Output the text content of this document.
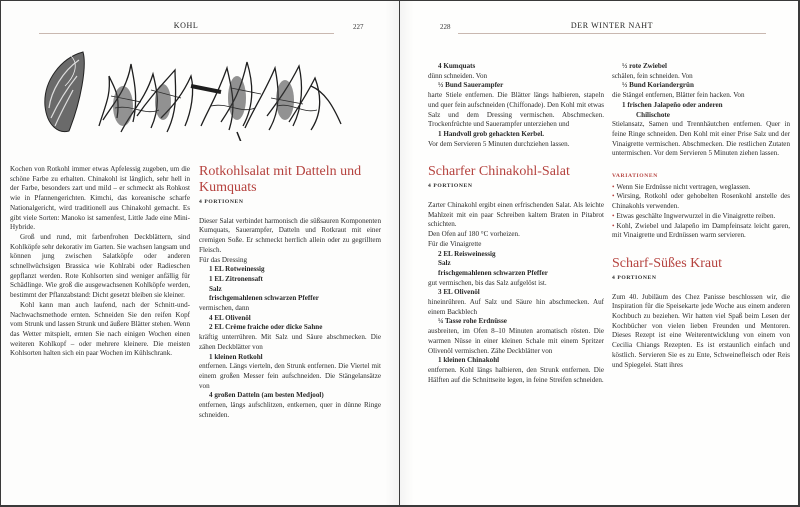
KOHL	227

Kochen von Rotkohl immer etwas Apfelessig zugeben, um die schöne Farbe zu erhalten. Chinakohl ist länglich, sehr hell in der Farbe, besonders zart und mild – er schmeckt als Rohkost wie in Pfannengerichten. Kimchi, das koreanische scharfe Nationalgericht, wird traditionell aus Chinakohl gemacht. Es gibt viele Sorten: Manoko ist samenfest, Little Jade eine Mini-Hybride.

Groß und rund, mit farbenfrohen Deckblättern, sind Kohlköpfe sehr dekorativ im Garten. Sie wachsen langsam und können jung zwischen Salatköpfe oder anderen schnellwüchsigen Brassica wie Kohlrabi oder Radieschen gepflanzt werden. Rote Kohlsorten sind weniger anfällig für Schädlinge. Wie groß die ausgewachsenen Kohlköpfe werden, bestimmt der Pflanzabstand: Dicht gesetzt bleiben sie kleiner.

Kohl kann man auch laufend, nach der Schnitt-und-Nachwachsmethode ernten. Schneiden Sie den reifen Kopf vom Strunk und lassen Strunk und äußere Blätter stehen. Wenn das Wetter mitspielt, ernten Sie nach einigen Wochen einen weiteren Kohlkopf – oder mehrere kleinere. Die meisten Kohlsorten halten sich ein paar Wochen im Kühlschrank.

Rotkohlsalat mit Datteln und Kumquats
4 PORTIONEN

Dieser Salat verbindet harmonisch die süßsauren Komponenten Kumquats, Sauerampfer, Datteln und Rotkraut mit einer cremigen Soße. Er schmeckt herrlich allein oder zu gegrilltem Fleisch.

Für das Dressing

1 EL Rotweinessig

1 EL Zitronensaft

Salz

frischgemahlenen schwarzen Pfeffer

vermischen, dann

4 EL Olivenöl

2 EL Crème fraiche oder dicke Sahne

kräftig unterrühren. Mit Salz und Säure abschmecken. Die zähen Deckblätter von

1 kleinen Rotkohl

entfernen. Längs vierteln, den Strunk entfernen. Die Viertel mit einem großen Messer fein aufschneiden. Die Stängelansätze von

4 großen Datteln (am besten Medjool)

entfernen, längs aufschlitzen, entkernen, quer in dünne Ringe schneiden.

228	DER WINTER NAHT

4 Kumquats

dünn schneiden. Von

½ Bund Sauerampfer

harte Stiele entfernen. Die Blätter längs halbieren, stapeln und quer fein aufschneiden (Chiffonade). Den Kohl mit etwas Salz und dem Dressing vermischen. Abschmecken. Trockenfrüchte und Sauerampfer unterziehen und

1 Handvoll grob gehackten Kerbel.

Vor dem Servieren 5 Minuten durchziehen lassen.

Scharfer Chinakohl-Salat
4 PORTIONEN

Zarter Chinakohl ergibt einen erfrischenden Salat. Als leichte Mahlzeit mit ein paar Schreiben kaltem Braten in Pitabrot schichten.

Den Ofen auf 180 °C vorheizen.

Für die Vinaigrette

2 EL Reisweinessig

Salz

frischgemahlenen schwarzen Pfeffer

gut vermischen, bis das Salz aufgelöst ist.

3 EL Olivenöl

hineinrühren. Auf Salz und Säure hin abschmecken. Auf einem Backblech

¼ Tasse rohe Erdnüsse

ausbreiten, im Ofen 8–10 Minuten aromatisch rösten. Die warmen Nüsse in einer kleinen Schale mit einem Spritzer Olivenöl vermischen. Zähe Deckblätter von

1 kleinen Chinakohl

entfernen. Kohl längs halbieren, den Strunk entfernen. Die Hälften auf die Schnittseite legen, in feine Streifen schneiden.

½ rote Zwiebel

schälen, fein schneiden. Von

½ Bund Koriandergrün

die Stängel entfernen, Blätter fein hacken. Von

1 frischen Jalapeño oder anderen

Chilischote

Stielansatz, Samen und Trennhäutchen entfernen. Quer in feine Ringe schneiden. Den Kohl mit einer Prise Salz und der Vinaigrette vermischen. Abschmecken. Die restlichen Zutaten untermischen. Vor dem Servieren 5 Minuten ziehen lassen.

VARIATIONEN

• Wenn Sie Erdnüsse nicht vertragen, weglassen.

• Wirsing, Rotkohl oder gehobelten Rosenkohl anstelle des Chinakohls verwenden.

• Etwas geschälte Ingwerwurzel in die Vinaigrette reiben.

• Kohl, Zwiebel und Jalapeño im Dampfeinsatz leicht garen, mit Vinaigrette und Erdnüssen warm servieren.

Scharf-Süßes Kraut
4 PORTIONEN

Zum 40. Jubiläum des Chez Panisse beschlossen wir, die Inspiration für die Speisekarte jede Woche aus einem anderen Kochbuch zu beziehen. Wir hatten viel Spaß beim Lesen der Kochbücher von vielen lieben Freunden und Mentoren. Dieses Rezept ist eine Weiterentwicklung von einem von Cecilia Chiangs Rezepten. Es ist erstaunlich einfach und köstlich. Servieren Sie es zu Ente, Schweinefleisch oder Reis und Spiegelei. Statt ihres
